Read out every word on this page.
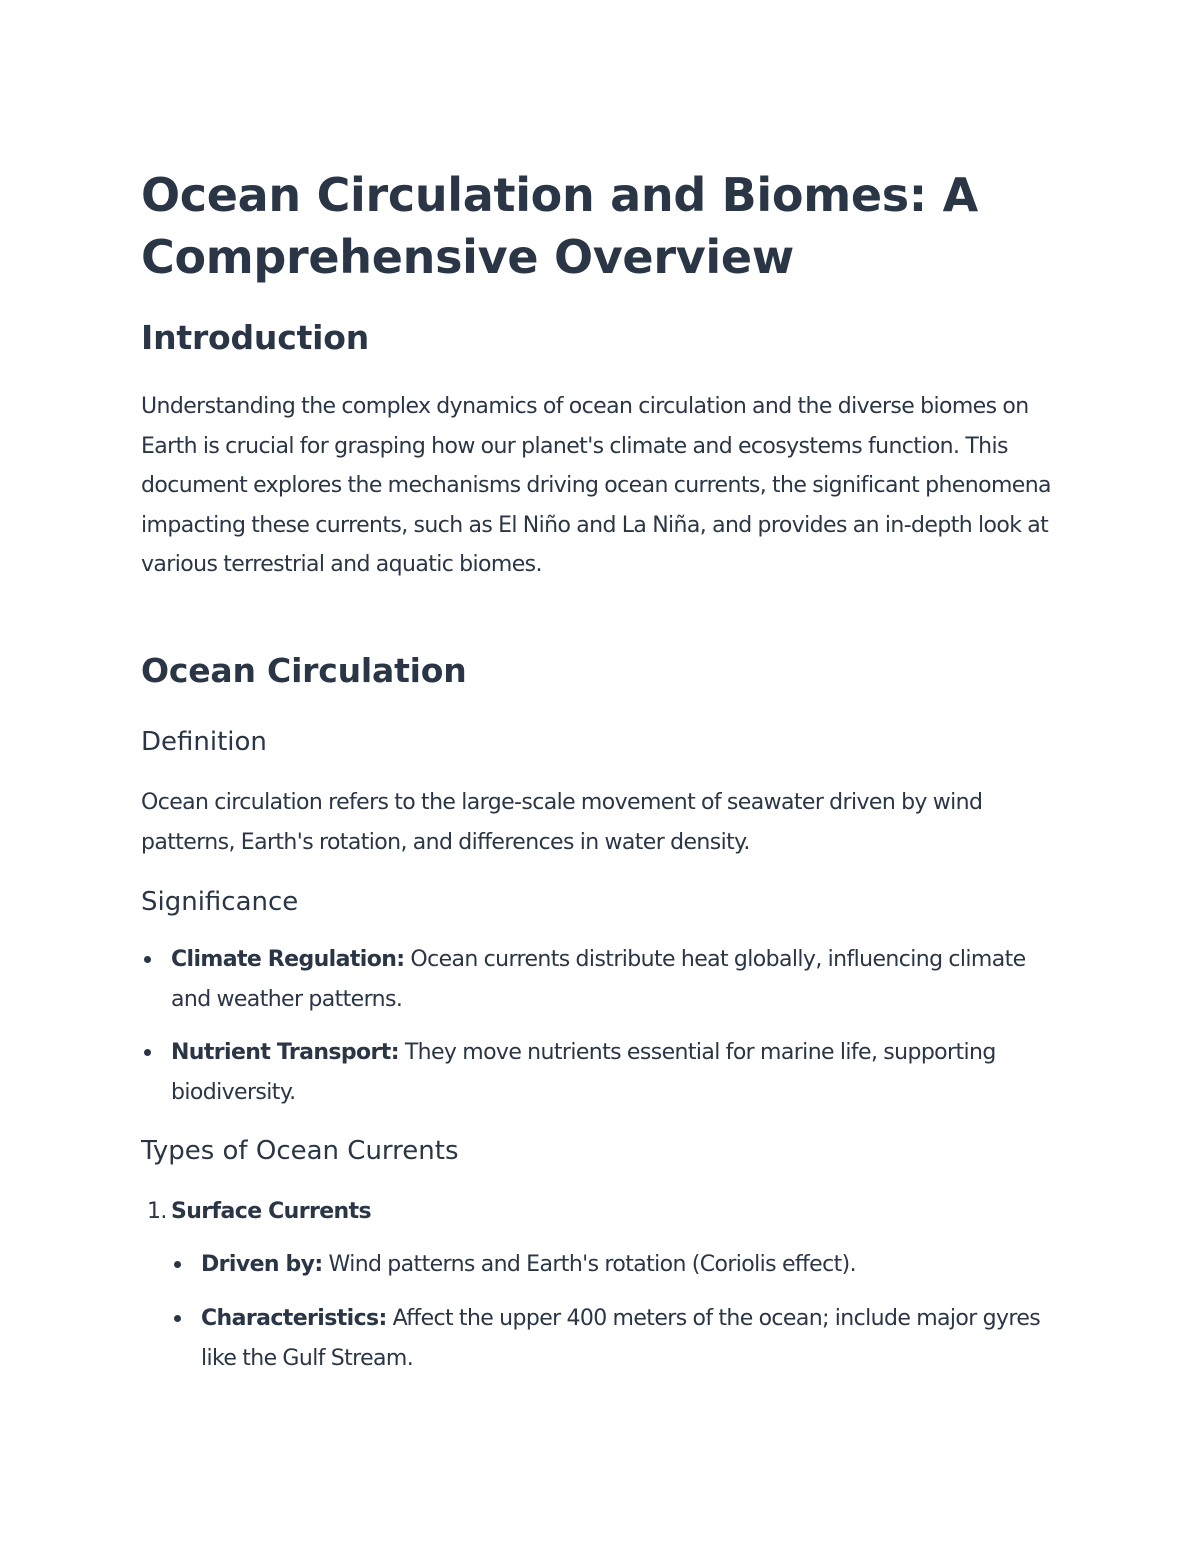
Ocean Circulation and Biomes: A Comprehensive Overview
Introduction

Understanding the complex dynamics of ocean circulation and the diverse biomes on Earth is crucial for grasping how our planet's climate and ecosystems function. This document explores the mechanisms driving ocean currents, the significant phenomena impacting these currents, such as El Niño and La Niña, and provides an in-depth look at various terrestrial and aquatic biomes.

Ocean Circulation
Definition

Ocean circulation refers to the large-scale movement of seawater driven by wind patterns, Earth's rotation, and differences in water density.

Significance
Climate Regulation: Ocean currents distribute heat globally, influencing climate and weather patterns.
Nutrient Transport: They move nutrients essential for marine life, supporting biodiversity.
Types of Ocean Currents
1. Surface Currents
Driven by: Wind patterns and Earth's rotation (Coriolis effect).
Characteristics: Affect the upper 400 meters of the ocean; include major gyres like the Gulf Stream.
